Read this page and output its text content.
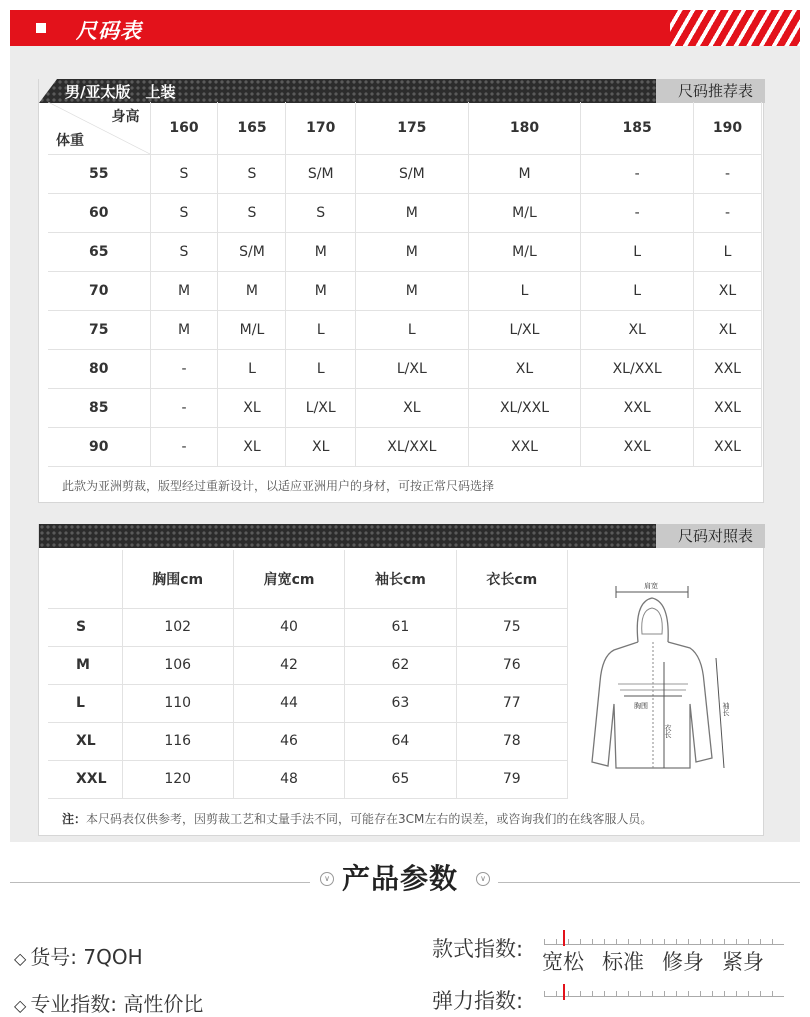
尺码表
男/亚太版　上装	尺码推荐表
身高
体重	160	165	170	175	180	185	190
55	S	S	S/M	S/M	M	-	-
60	S	S	S	M	M/L	-	-
65	S	S/M	M	M	M/L	L	L
70	M	M	M	M	L	L	XL
75	M	M/L	L	L	L/XL	XL	XL
80	-	L	L	L/XL	XL	XL/XXL	XXL
85	-	XL	L/XL	XL	XL/XXL	XXL	XXL
90	-	XL	XL	XL/XXL	XXL	XXL	XXL
此款为亚洲剪裁，版型经过重新设计，以适应亚洲用户的身材，可按正常尺码选择
尺码对照表
	胸围cm	肩宽cm	袖长cm	衣长cm
S	102	40	61	75
M	106	42	62	76
L	110	44	63	77
XL	116	46	64	78
XXL	120	48	65	79
肩宽
胸围
衣长
袖长
注：本尺码表仅供参考，因剪裁工艺和丈量手法不同，可能存在3CM左右的误差，或咨询我们的在线客服人员。
∨ 产品参数	∨
◇ 货号: 7QOH
◇ 专业指数: 高性价比
款式指数:
宽松 标准 修身 紧身
弹力指数:
